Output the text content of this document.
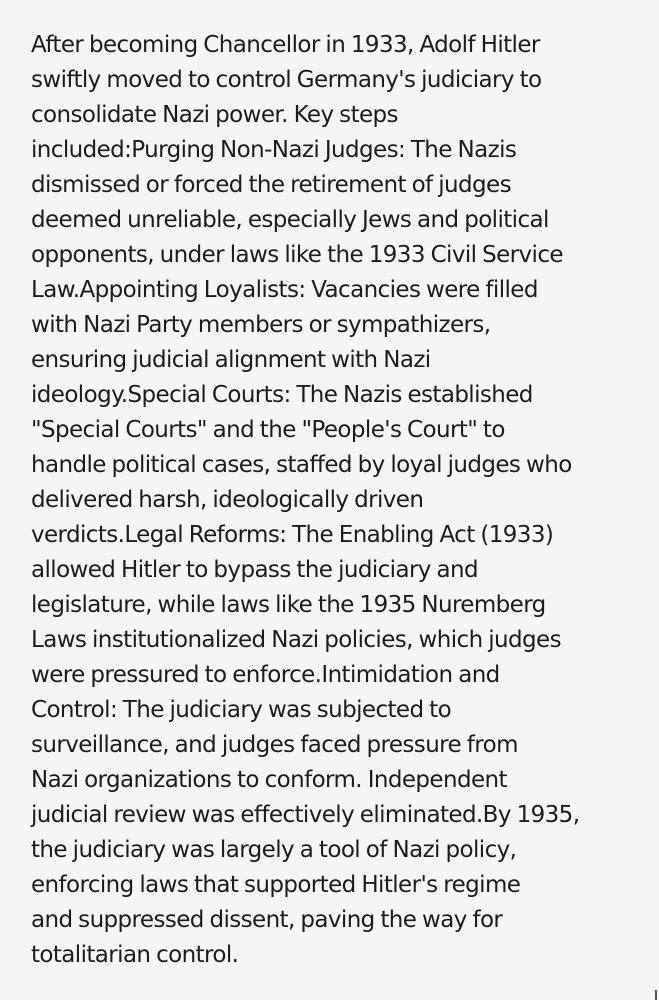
After becoming Chancellor in 1933, Adolf Hitler
swiftly moved to control Germany's judiciary to
consolidate Nazi power. Key steps
included:Purging Non-Nazi Judges: The Nazis
dismissed or forced the retirement of judges
deemed unreliable, especially Jews and political
opponents, under laws like the 1933 Civil Service
Law.Appointing Loyalists: Vacancies were filled
with Nazi Party members or sympathizers,
ensuring judicial alignment with Nazi
ideology.Special Courts: The Nazis established
"Special Courts" and the "People's Court" to
handle political cases, staffed by loyal judges who
delivered harsh, ideologically driven
verdicts.Legal Reforms: The Enabling Act (1933)
allowed Hitler to bypass the judiciary and
legislature, while laws like the 1935 Nuremberg
Laws institutionalized Nazi policies, which judges
were pressured to enforce.Intimidation and
Control: The judiciary was subjected to
surveillance, and judges faced pressure from
Nazi organizations to conform. Independent
judicial review was effectively eliminated.By 1935,
the judiciary was largely a tool of Nazi policy,
enforcing laws that supported Hitler's regime
and suppressed dissent, paving the way for
totalitarian control.
